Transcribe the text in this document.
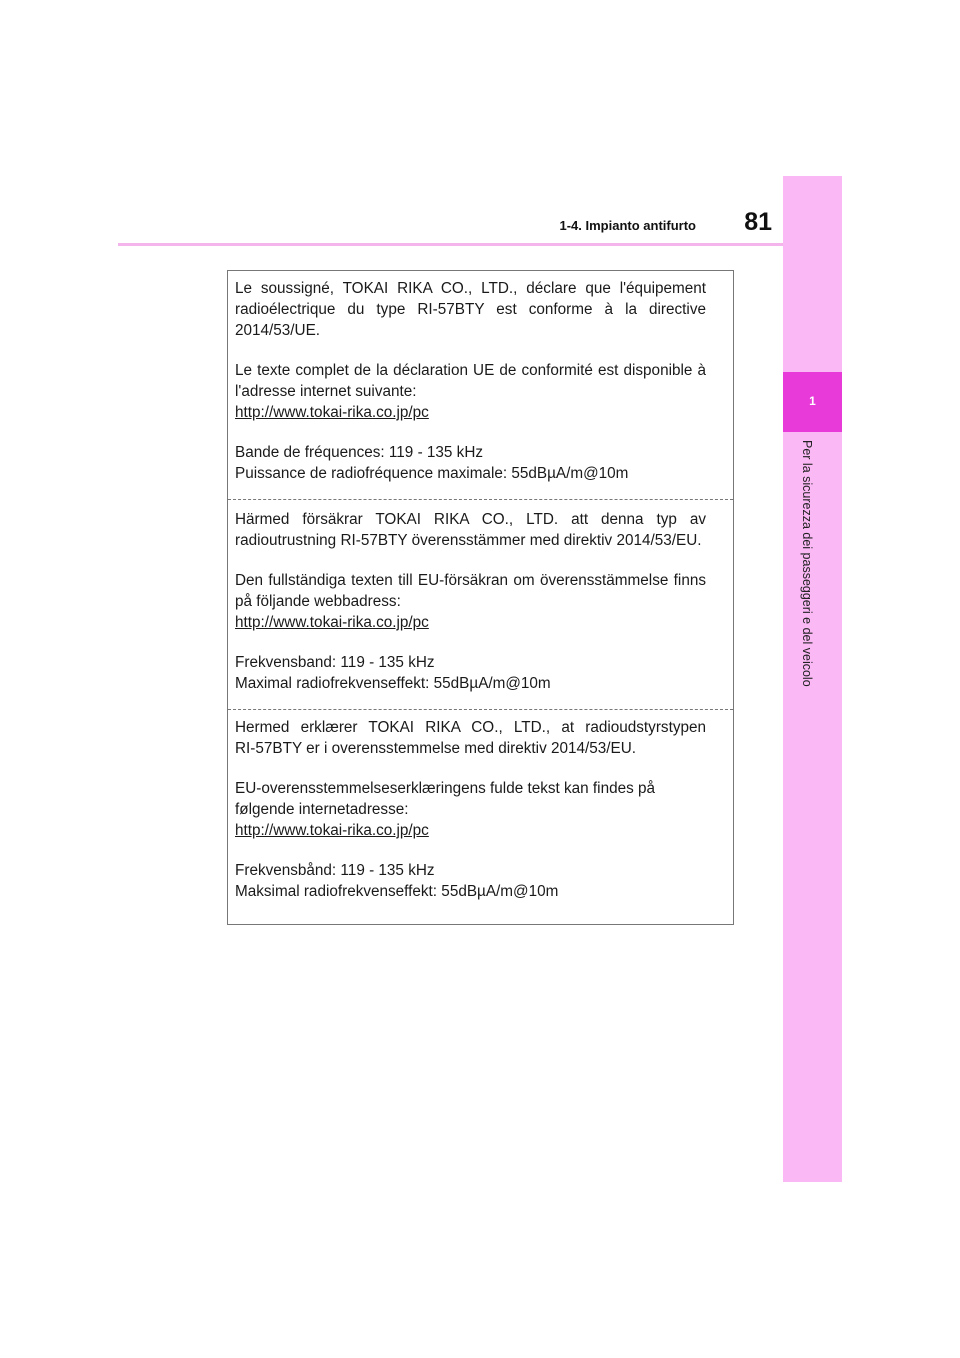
1-4. Impianto antifurto	81
1
Per la sicurezza dei passeggeri e del veicolo

Le soussigné, TOKAI RIKA CO., LTD., déclare que l'équipement

radioélectrique du type RI-57BTY est conforme à la directive

2014/53/UE.

Le texte complet de la déclaration UE de conformité est disponible à

l'adresse internet suivante:

http://www.tokai-rika.co.jp/pc

Bande de fréquences: 119 - 135 kHz

Puissance de radiofréquence maximale: 55dBµA/m@10m

Härmed försäkrar TOKAI RIKA CO., LTD. att denna typ av

radioutrustning RI-57BTY överensstämmer med direktiv 2014/53/EU.

Den fullständiga texten till EU-försäkran om överensstämmelse finns

på följande webbadress:

http://www.tokai-rika.co.jp/pc

Frekvensband: 119 - 135 kHz

Maximal radiofrekvenseffekt: 55dBµA/m@10m

Hermed erklærer TOKAI RIKA CO., LTD., at radioudstyrstypen

RI-57BTY er i overensstemmelse med direktiv 2014/53/EU.

EU-overensstemmelseserklæringens fulde tekst kan findes på

følgende internetadresse:

http://www.tokai-rika.co.jp/pc

Frekvensbånd: 119 - 135 kHz

Maksimal radiofrekvenseffekt: 55dBµA/m@10m
